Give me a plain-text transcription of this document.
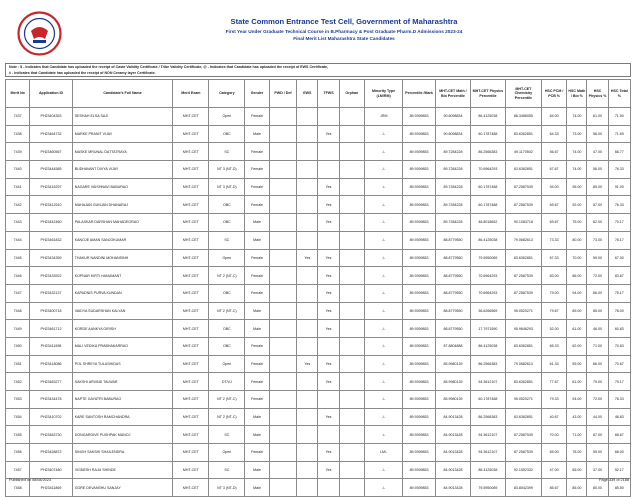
State Common Entrance Test Cell, Government of Maharashtra
First Year Under Graduate Technical Course in B.Pharmacy & Post Graduate Pharm.D Admissions 2023-24
Final Merit List Maharashtra State Candidates
Note : $ - Indicates that Candidate has uploaded the receipt of Caste Validity Certificate / Tribe Validity Certificate, @ - Indicates that Candidate has uploaded the receipt of EWS Certificate,
# - Indicates that Candidate has uploaded the receipt of NON Creamy layer Certificate.
Merit No	Application ID	Candidate's Full Name	Merit Exam	Category	Gender	PWD / Def	EWS	TFWS	Orphan	Minority Type (LM/RM)	Percentile /Mark	MHT-CET Math / Bio Percentile	MHT-CET Physics Percentile	MHT-CET Chemistry Percentile	HSC PCM / PCB %	HSC Math / Bio %	HSC Physics %	HSC Total %
7437	PH23404353	SESHAH ELSA SAJI	MHT-CET	Open	Female					-/RM	89.9399853	90.6098834	86.4125038	86.3486055	64.00	74.00	61.00	71.50
7438	PH23464732	MARKE PRANIT VIJAY	MHT-CET	OBC	Male			Yes		-/-	89.9399853	90.6098834	60.1787488	83.6362851	64.33	73.00	56.00	71.69
7439	PH23460567	MASKE MRUNAL DATTATRAYA	MHT-CET	SC	Female					-/-	89.9399853	89.7284228	86.2566383	49.1170502	56.67	74.00	47.00	66.77
7440	PH23444585	BUDHAVANT DIVYA VIJAY	MHT-CET	NT 3 (NT-D)	Female					-/-	89.9399853	89.7284228	70.6964293	83.6362851	67.67	74.00	56.00	76.33
7441	PH23416297	NAGARE VAISHNAVI BABURAO	MHT-CET	NT 3 (NT-D)	Female			Yes		-/-	89.9399853	89.7284228	60.1787488	87.2587539	94.00	95.00	89.00	91.00
7442	PH23412910	MAHAJAN GUNJAN DHANARAJ	MHT-CET	OBC	Female			Yes		-/-	89.9399853	89.7284228	60.1787488	87.2587539	69.67	92.00	57.00	76.33
7443	PH23442460	PALASKAR DARSHAN MAHADEORAO	MHT-CET	OBC	Male			Yes		-/-	89.9399853	89.7284228	48.8018652	90.1083718	69.67	75.00	62.00	70.17
7444	PH23461832	KANOJE AMAN SANJOKUMAR	MHT-CET	SC	Male					-/-	89.9399853	88.8779550	86.4125038	79.0682613	73.33	80.00	73.00	78.17
7445	PH23434359	THAKUR NANDINI MOHANSINH	MHT-CET	Open	Female		Yes	Yes		-/-	89.9399853	88.8779550	79.5950089	83.6362851	67.33	70.00	59.00	67.00
7446	PH23433922	KOPNAR KIRTI HANUMANT	MHT-CET	NT 2 (NT-C)	Female			Yes		-/-	89.9399853	88.8779550	70.6964293	87.2587539	83.00	86.00	72.00	83.67
7447	PH23432137	KAPADNIS PURVA KUNDAN	MHT-CET	OBC	Female			Yes		-/-	89.9399853	88.8779550	70.6964293	87.2587539	79.00	94.00	66.00	75.17
7448	PH23400718	VAIDYA SUDARSHAN KALYAN	MHT-CET	NT 2 (NT-C)	Male			Yes		-/-	89.9399853	88.8779550	36.6266569	95.0520271	79.67	89.00	85.00	78.00
7449	PH23461712	KORDE AANKYA GIRISH	MHT-CET	OBC	Male			Yes		-/-	89.9399853	88.8779550	17.7971590	95.9846293	52.00	61.00	46.00	60.83
7450	PH23411998	MALI VEDIKA PRABHAKARRAO	MHT-CET	OBC	Female					-/-	89.9399853	87.8804888	86.4125038	83.6362851	65.33	62.00	71.00	70.83
7451	PH23418086	POL SHREYA TULASHIDAS	MHT-CET	Open	Female		Yes	Yes		-/-	89.9399853	85.9980139	86.2566383	79.0682613	61.33	59.00	66.00	70.67
7452	PH23463277	SAKSHI ARVIND TALWAR	MHT-CET	DT/VJ	Female			Yes		-/-	89.9399853	85.9980139	94.3612107	83.6362851	77.67	61.00	79.00	79.17
7453	PH23434478	NAPTE GAYATRI BABURAO	MHT-CET	NT 2 (NT-C)	Female					-/-	89.9399853	85.9980139	60.1787488	95.0520271	79.33	94.00	72.00	78.33
7454	PH23410702	KARE SANTOSH RAMCHANDRA	MHT-CET	NT 2 (NT-C)	Male			Yes		-/-	89.9399853	84.9013428	86.2566383	83.6362851	40.67	43.00	44.00	46.83
7455	PH23463730	DONGARDIVE PUSHPAK MANOJ	MHT-CET	SC	Male					-/-	89.9399853	84.9013428	94.3612107	87.2587539	70.00	71.00	67.00	68.67
7456	PH23428872	SINGH SAKSHI SHAILENDRA	MHT-CET	Open	Female			Yes		LM/-	89.9399853	84.9013428	94.3612107	87.2587539	65.00	78.00	59.00	68.00
7457	PH23407480	VIGNESH RAJU SHINDE	MHT-CET	SC	Male			Yes		-/-	89.9399853	84.9013428	86.4125038	92.1592332	47.00	65.00	37.00	52.17
7458	PH23411869	GORE DEVANSHU SANJAY	MHT-CET	NT 3 (NT-D)	Male					-/-	89.9399853	84.9013428	79.5950089	83.8042399	85.67	85.00	80.00	85.50
Published on 08/08/2023	Page 339 of 2188
